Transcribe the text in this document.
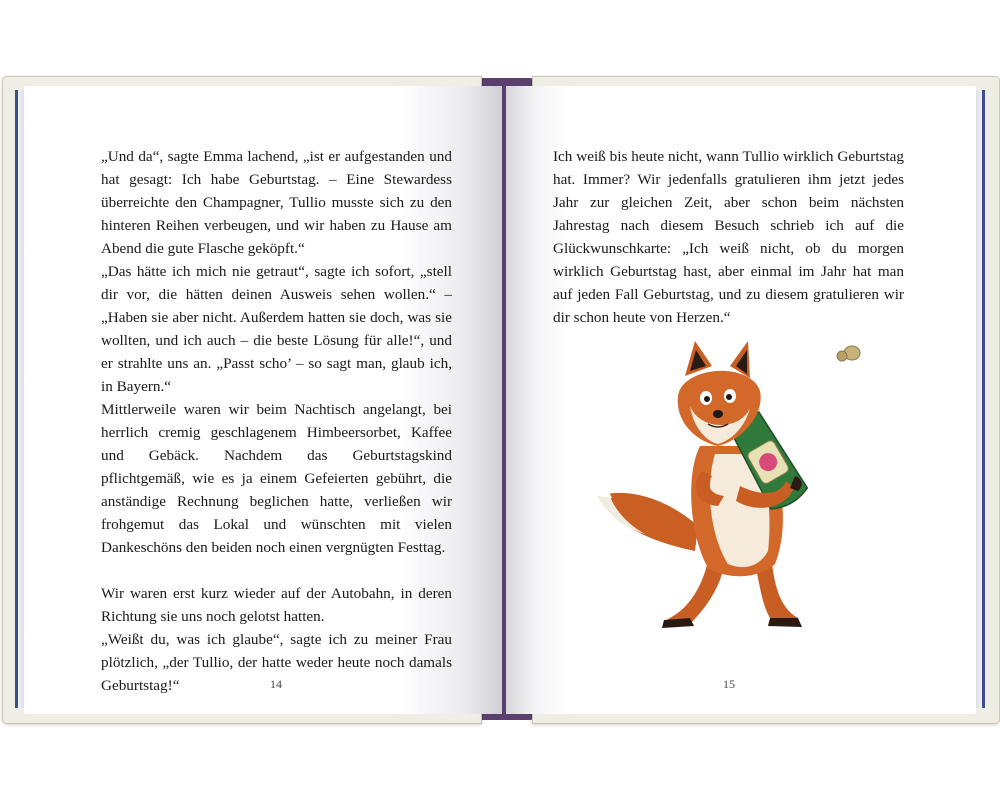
„Und da“, sagte Emma lachend, „ist er aufgestanden und hat gesagt: Ich habe Geburtstag. – Eine Stewardess überreichte den Champagner, Tullio musste sich zu den hinteren Reihen verbeugen, und wir haben zu Hause am Abend die gute Flasche geköpft.“

„Das hätte ich mich nie getraut“, sagte ich sofort, „stell dir vor, die hätten deinen Ausweis sehen wollen.“ – „Haben sie aber nicht. Außerdem hatten sie doch, was sie wollten, und ich auch – die beste Lösung für alle!“, und er strahlte uns an. „Passt scho’ – so sagt man, glaub ich, in Bayern.“

Mittlerweile waren wir beim Nachtisch angelangt, bei herrlich cremig geschlagenem Himbeersorbet, Kaffee und Gebäck. Nachdem das Geburtstagskind pflichtgemäß, wie es ja einem Gefeierten gebührt, die anständige Rechnung beglichen hatte, verließen wir frohgemut das Lokal und wünschten mit vielen Dankeschöns den beiden noch einen vergnügten Festtag.

Wir waren erst kurz wieder auf der Autobahn, in deren Richtung sie uns noch gelotst hatten.

„Weißt du, was ich glaube“, sagte ich zu meiner Frau plötzlich, „der Tullio, der hatte weder heute noch damals Geburtstag!“

Ich weiß bis heute nicht, wann Tullio wirklich Geburtstag hat. Immer? Wir jedenfalls gratulieren ihm jetzt jedes Jahr zur gleichen Zeit, aber schon beim nächsten Jahrestag nach diesem Besuch schrieb ich auf die Glückwunschkarte: „Ich weiß nicht, ob du morgen wirklich Geburtstag hast, aber einmal im Jahr hat man auf jeden Fall Geburtstag, und zu diesem gratulieren wir dir schon heute von Herzen.“

14	15
